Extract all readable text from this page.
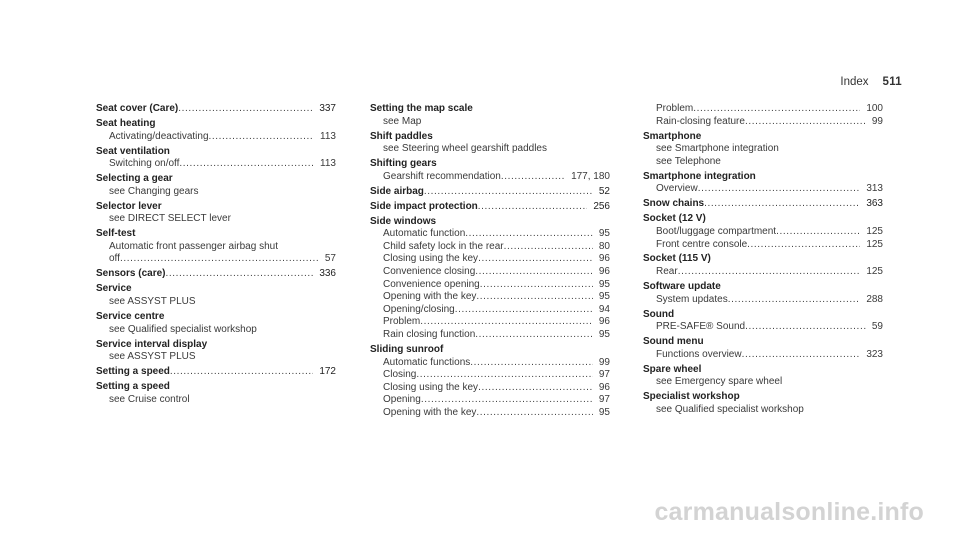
Index 511
Seat cover (Care) .....	337
Seat heating
Activating/deactivating .....	113
Seat ventilation
Switching on/off .....	113
Selecting a gear
see Changing gears
Selector lever
see DIRECT SELECT lever
Self-test
Automatic front passenger airbag shut
off .....	57
Sensors (care) .....	336
Service
see ASSYST PLUS
Service centre
see Qualified specialist workshop
Service interval display
see ASSYST PLUS
Setting a speed .....	172
Setting a speed
see Cruise control
Setting the map scale
see Map
Shift paddles
see Steering wheel gearshift paddles
Shifting gears
Gearshift recommendation .....	177, 180
Side airbag .....	52
Side impact protection .....	256
Side windows
Automatic function .....	95
Child safety lock in the rear .....	80
Closing using the key .....	96
Convenience closing .....	96
Convenience opening .....	95
Opening with the key .....	95
Opening/closing .....	94
Problem .....	96
Rain closing function .....	95
Sliding sunroof
Automatic functions .....	99
Closing .....	97
Closing using the key .....	96
Opening .....	97
Opening with the key .....	95
Problem .....	100
Rain-closing feature .....	99
Smartphone
see Smartphone integration
see Telephone
Smartphone integration
Overview .....	313
Snow chains .....	363
Socket (12 V)
Boot/luggage compartment .....	125
Front centre console .....	125
Socket (115 V)
Rear .....	125
Software update
System updates .....	288
Sound
PRE-SAFE® Sound .....	59
Sound menu
Functions overview .....	323
Spare wheel
see Emergency spare wheel
Specialist workshop
see Qualified specialist workshop
carmanualsonline.info
